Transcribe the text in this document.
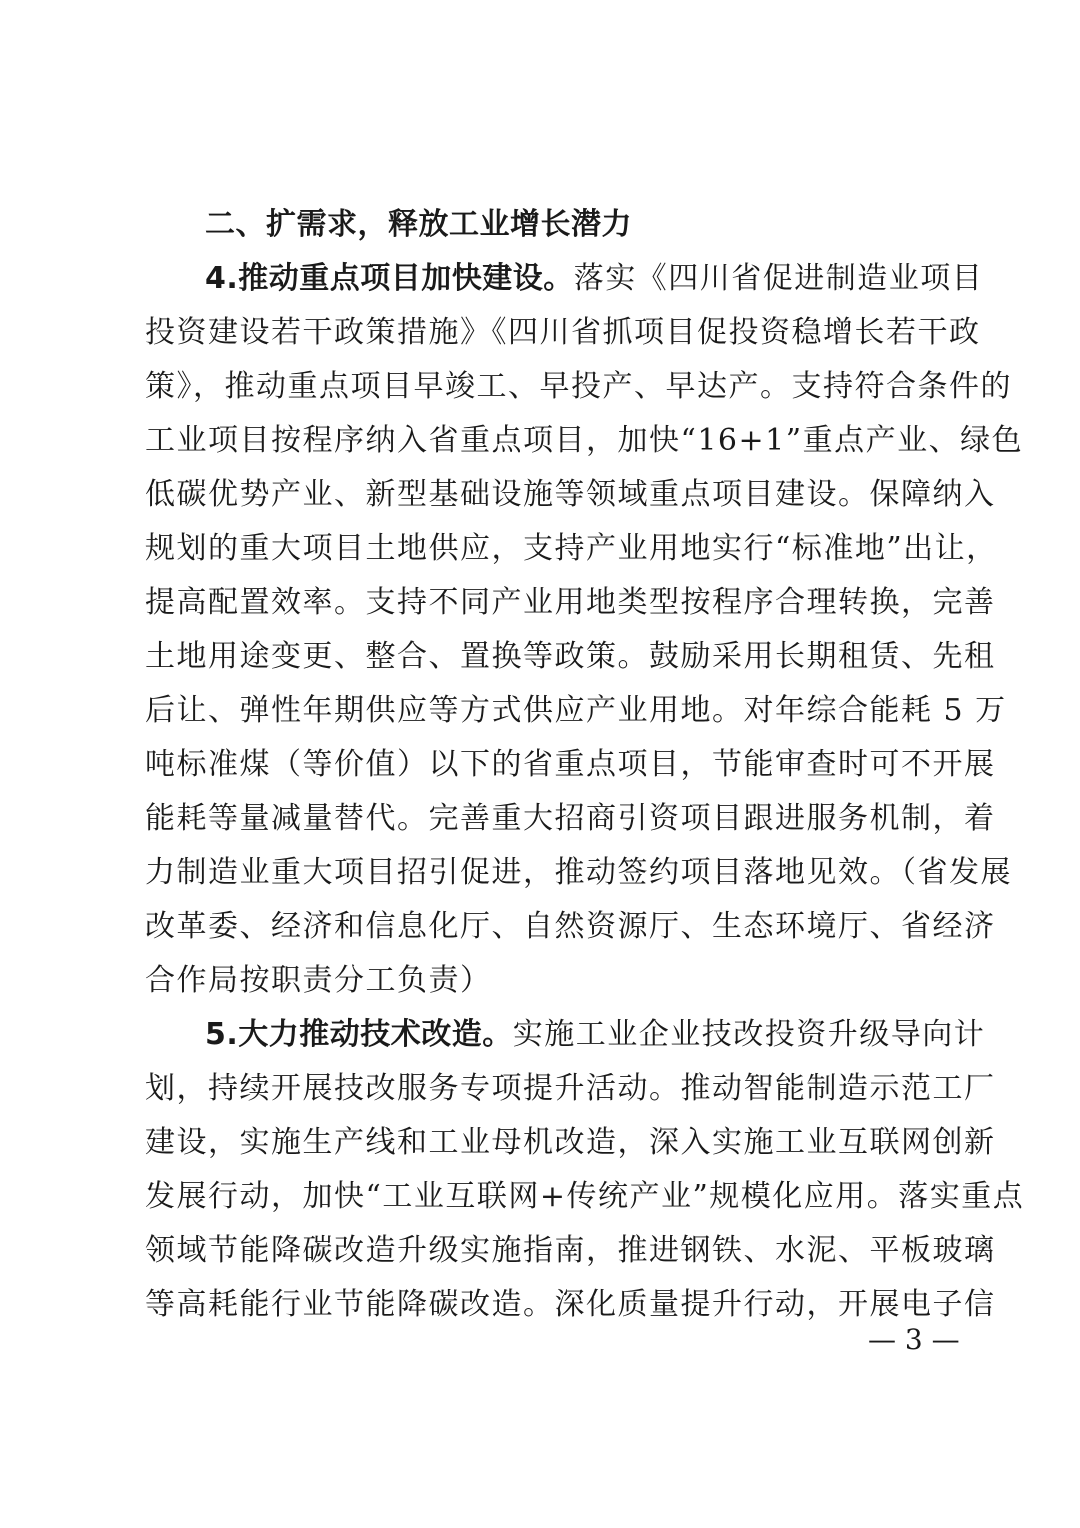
二、扩需求，释放工业增长潜力
4.推动重点项目加快建设。落实《四川省促进制造业项目
投资建设若干政策措施》《四川省抓项目促投资稳增长若干政
策》，推动重点项目早竣工、早投产、早达产。支持符合条件的
工业项目按程序纳入省重点项目，加快“16+1”重点产业、绿色
低碳优势产业、新型基础设施等领域重点项目建设。保障纳入
规划的重大项目土地供应，支持产业用地实行“标准地”出让，
提高配置效率。支持不同产业用地类型按程序合理转换，完善
土地用途变更、整合、置换等政策。鼓励采用长期租赁、先租
后让、弹性年期供应等方式供应产业用地。对年综合能耗 5 万
吨标准煤（等价值）以下的省重点项目，节能审查时可不开展
能耗等量减量替代。完善重大招商引资项目跟进服务机制，着
力制造业重大项目招引促进，推动签约项目落地见效。（省发展
改革委、经济和信息化厅、自然资源厅、生态环境厅、省经济
合作局按职责分工负责）
5.大力推动技术改造。实施工业企业技改投资升级导向计
划，持续开展技改服务专项提升活动。推动智能制造示范工厂
建设，实施生产线和工业母机改造，深入实施工业互联网创新
发展行动，加快“工业互联网+传统产业”规模化应用。落实重点
领域节能降碳改造升级实施指南，推进钢铁、水泥、平板玻璃
等高耗能行业节能降碳改造。深化质量提升行动，开展电子信
— 3 —
